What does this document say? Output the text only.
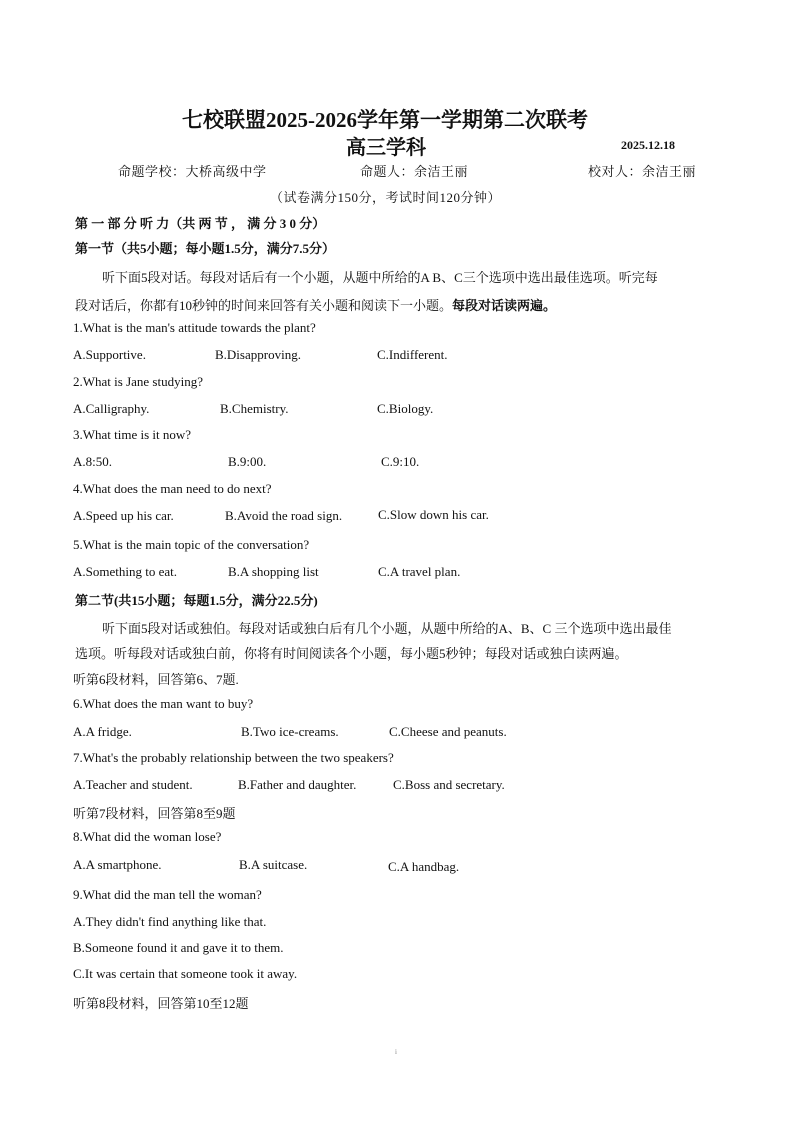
七校联盟2025-2026学年第一学期第二次联考
高三学科	2025.12.18
命题学校：大桥高级中学	命题人：余洁王丽	校对人：余洁王丽
（试卷满分150分，考试时间120分钟）
第 一 部 分 听 力（共 两 节 ， 满 分 3 0 分）
第一节（共5小题；每小题1.5分，满分7.5分）
听下面5段对话。每段对话后有一个小题，从题中所给的A B、C三个选项中选出最佳选项。听完每
段对话后，你都有10秒钟的时间来回答有关小题和阅读下一小题。每段对话读两遍。
1.What is the man's attitude towards the plant?
A.Supportive.	B.Disapproving.	C.Indifferent.
2.What is Jane studying?
A.Calligraphy.	B.Chemistry.	C.Biology.
3.What time is it now?
A.8:50.	B.9:00.	C.9:10.
4.What does the man need to do next?
A.Speed up his car.	B.Avoid the road sign.	C.Slow down his car.
5.What is the main topic of the conversation?
A.Something to eat.	B.A shopping list	C.A travel plan.
第二节(共15小题；每题1.5分，满分22.5分)
听下面5段对话或独伯。每段对话或独白后有几个小题，从题中所给的A、B、C 三个选项中选出最佳
选项。听每段对话或独白前，你将有时间阅读各个小题，每小题5秒钟；每段对话或独白读两遍。
听第6段材料，回答第6、7题.
6.What does the man want to buy?
A.A fridge.	B.Two ice-creams.	C.Cheese and peanuts.
7.What's the probably relationship between the two speakers?
A.Teacher and student.	B.Father and daughter.	C.Boss and secretary.
听第7段材料，回答第8至9题
8.What did the woman lose?
A.A smartphone.	B.A suitcase.	C.A handbag.
9.What did the man tell the woman?
A.They didn't find anything like that.
B.Someone found it and gave it to them.
C.It was certain that someone took it away.
听第8段材料，回答第10至12题
i
